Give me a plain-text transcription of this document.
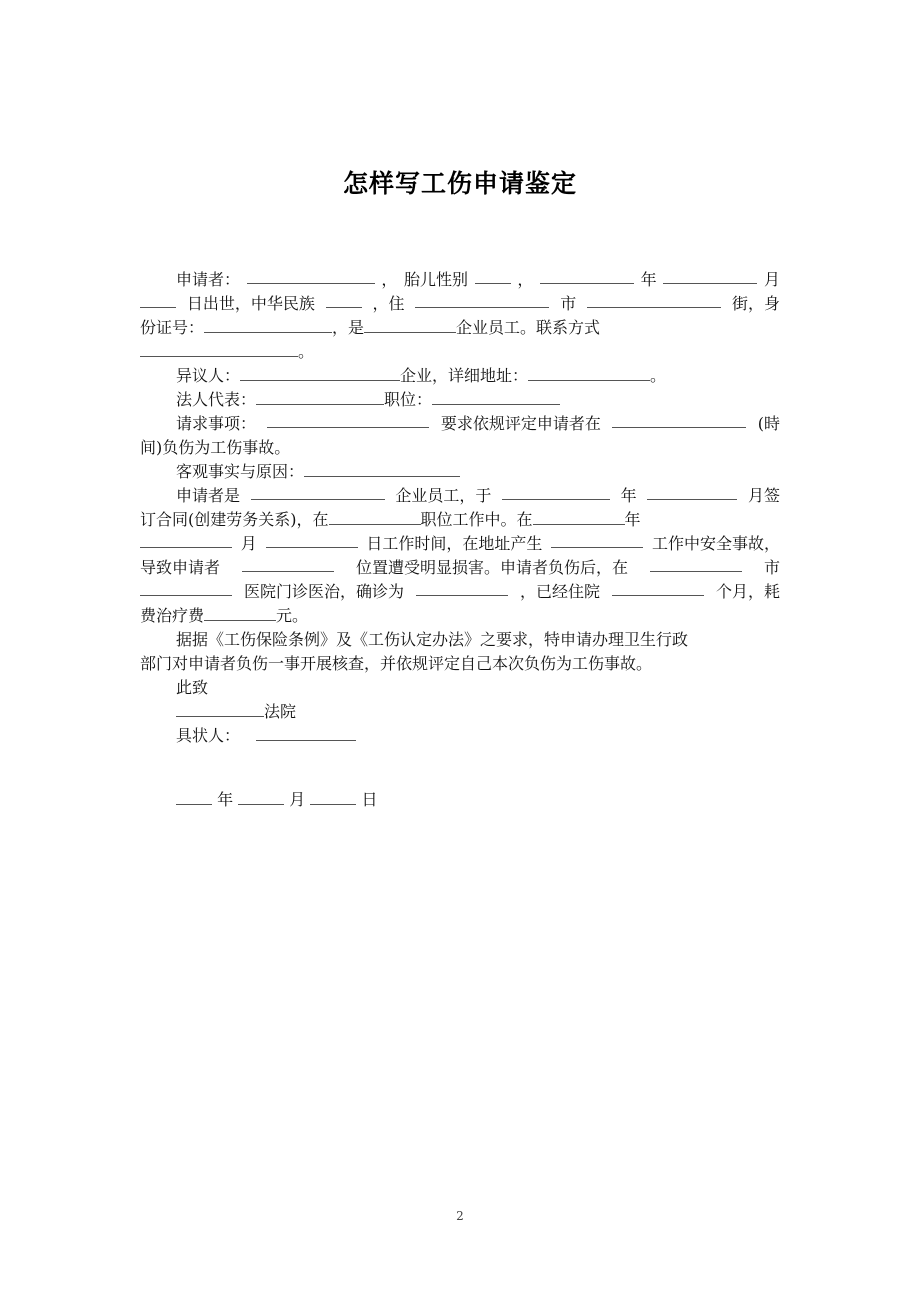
怎样写工伤申请鉴定
申请者：	， 胎儿性别	，	年	月
日出世，中华民族	，住	市	街，身
份证号：	，是	企业员工。联系方式
。
异议人：	企业，详细地址：	。
法人代表：	职位：
请求事项：	要求依规评定申请者在	(時
间)负伤为工伤事故。
客观事实与原因：
申请者是	企业员工，于	年	月签
订合同(创建劳务关系)，在	职位工作中。在	年
月	日工作时间，在地址产生	工作中安全事故，
导致申请者	位置遭受明显损害。申请者负伤后，在	市
医院门诊医治，确诊为	，已经住院	个月，耗
费治疗费	元。
据据《工伤保险条例》及《工伤认定办法》之要求，特申请办理卫生行政
部门对申请者负伤一事开展核查，并依规评定自己本次负伤为工伤事故。
此致
法院
具状人：
年	月	日
2
